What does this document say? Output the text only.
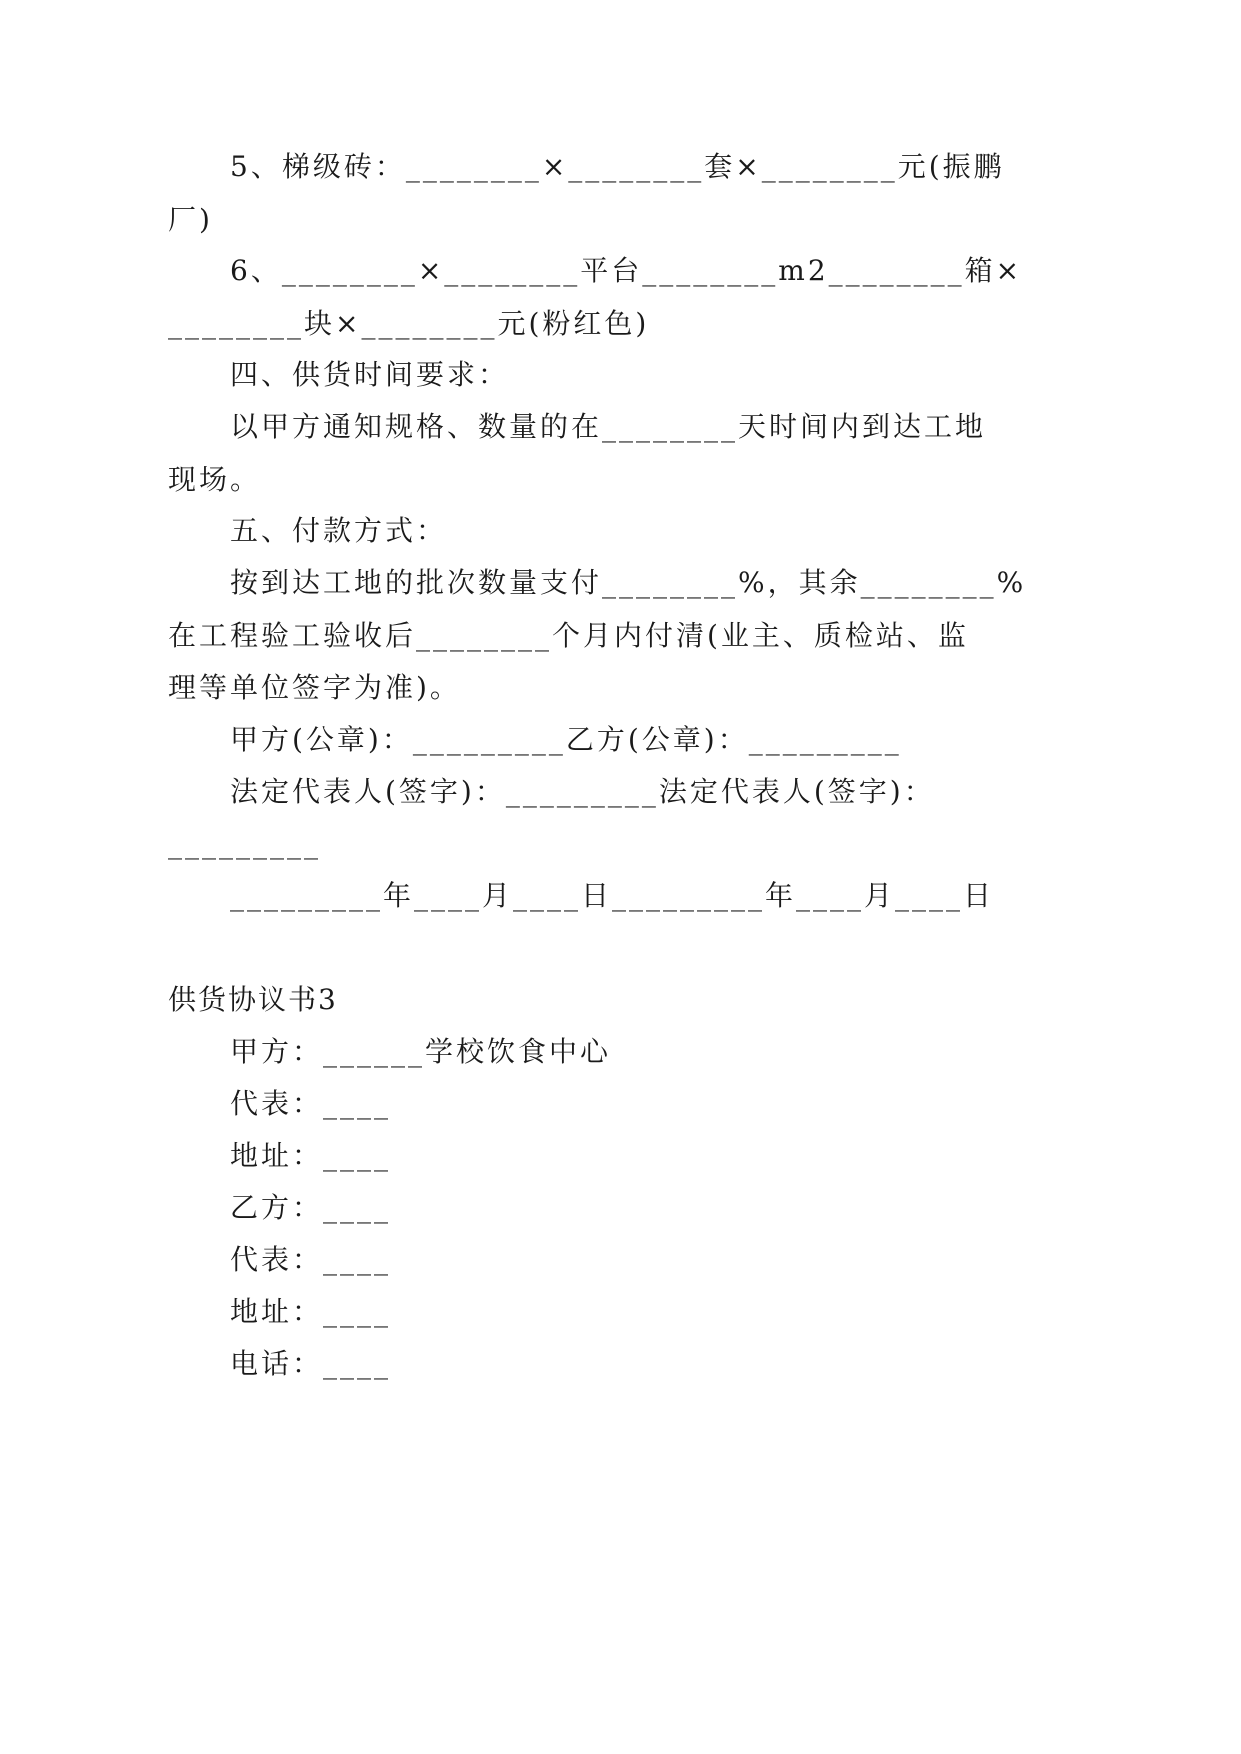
5、梯级砖：________×________套×________元(振鹏
厂)
6、________×________平台________m2________箱×
________块×________元(粉红色)
四、供货时间要求：
以甲方通知规格、数量的在________天时间内到达工地
现场。
五、付款方式：
按到达工地的批次数量支付________%，其余________%
在工程验工验收后________个月内付清(业主、质检站、监
理等单位签字为准)。
甲方(公章)：_________乙方(公章)：_________
法定代表人(签字)：_________法定代表人(签字)：
_________
_________年____月____日_________年____月____日
供货协议书3
甲方：______学校饮食中心
代表：____
地址：____
乙方：____
代表：____
地址：____
电话：____
